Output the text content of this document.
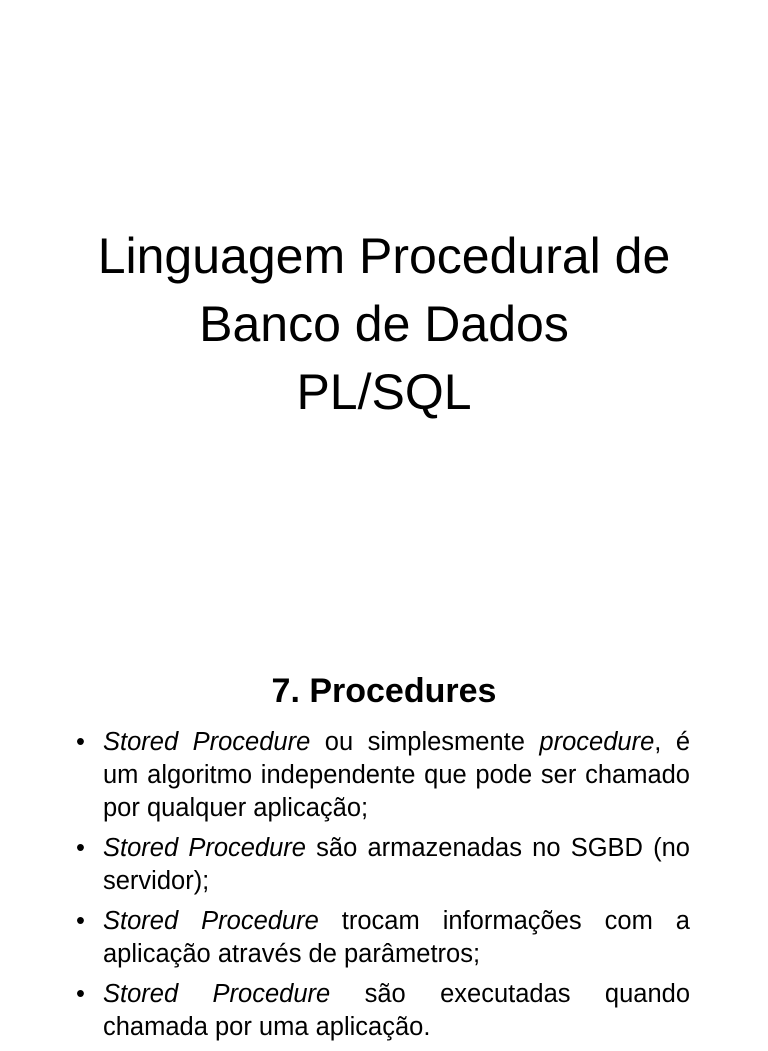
Linguagem Procedural de
Banco de Dados
PL/SQL
7. Procedures
• Stored Procedure ou simplesmente procedure, é um algoritmo independente que pode ser chamado por qualquer aplicação;
• Stored Procedure são armazenadas no SGBD (no servidor);
• Stored Procedure trocam informações com a aplicação através de parâmetros;
• Stored Procedure são executadas quando chamada por uma aplicação.
